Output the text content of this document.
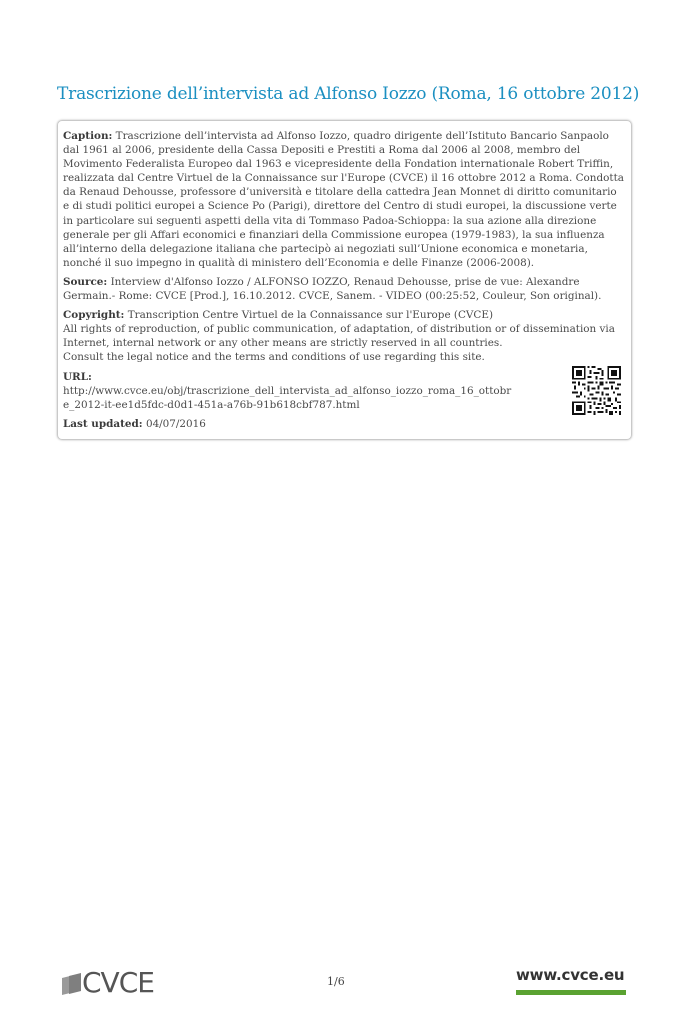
Trascrizione dell’intervista ad Alfonso Iozzo (Roma, 16 ottobre 2012)
Caption: Trascrizione dell’intervista ad Alfonso Iozzo, quadro dirigente dell’Istituto Bancario Sanpaolo dal 1961 al 2006, presidente della Cassa Depositi e Prestiti a Roma dal 2006 al 2008, membro del Movimento Federalista Europeo dal 1963 e vicepresidente della Fondation internationale Robert Triffin, realizzata dal Centre Virtuel de la Connaissance sur l'Europe (CVCE) il 16 ottobre 2012 a Roma. Condotta da Renaud Dehousse, professore d’università e titolare della cattedra Jean Monnet di diritto comunitario e di studi politici europei a Science Po (Parigi), direttore del Centro di studi europei, la discussione verte in particolare sui seguenti aspetti della vita di Tommaso Padoa-Schioppa: la sua azione alla direzione generale per gli Affari economici e finanziari della Commissione europea (1979-1983), la sua influenza all’interno della delegazione italiana che partecipò ai negoziati sull’Unione economica e monetaria, nonché il suo impegno in qualità di ministero dell’Economia e delle Finanze (2006-2008).
Source: Interview d'Alfonso Iozzo / ALFONSO IOZZO, Renaud Dehousse, prise de vue: Alexandre Germain.- Rome: CVCE [Prod.], 16.10.2012. CVCE, Sanem. - VIDEO (00:25:52, Couleur, Son original).
Copyright: Transcription Centre Virtuel de la Connaissance sur l'Europe (CVCE)
All rights of reproduction, of public communication, of adaptation, of distribution or of dissemination via Internet, internal network or any other means are strictly reserved in all countries.
Consult the legal notice and the terms and conditions of use regarding this site.
URL:
http://www.cvce.eu/obj/trascrizione_dell_intervista_ad_alfonso_iozzo_roma_16_ottobre_2012-it-ee1d5fdc-d0d1-451a-a76b-91b618cbf787.html
Last updated: 04/07/2016
CVCE	1/6	www.cvce.eu
